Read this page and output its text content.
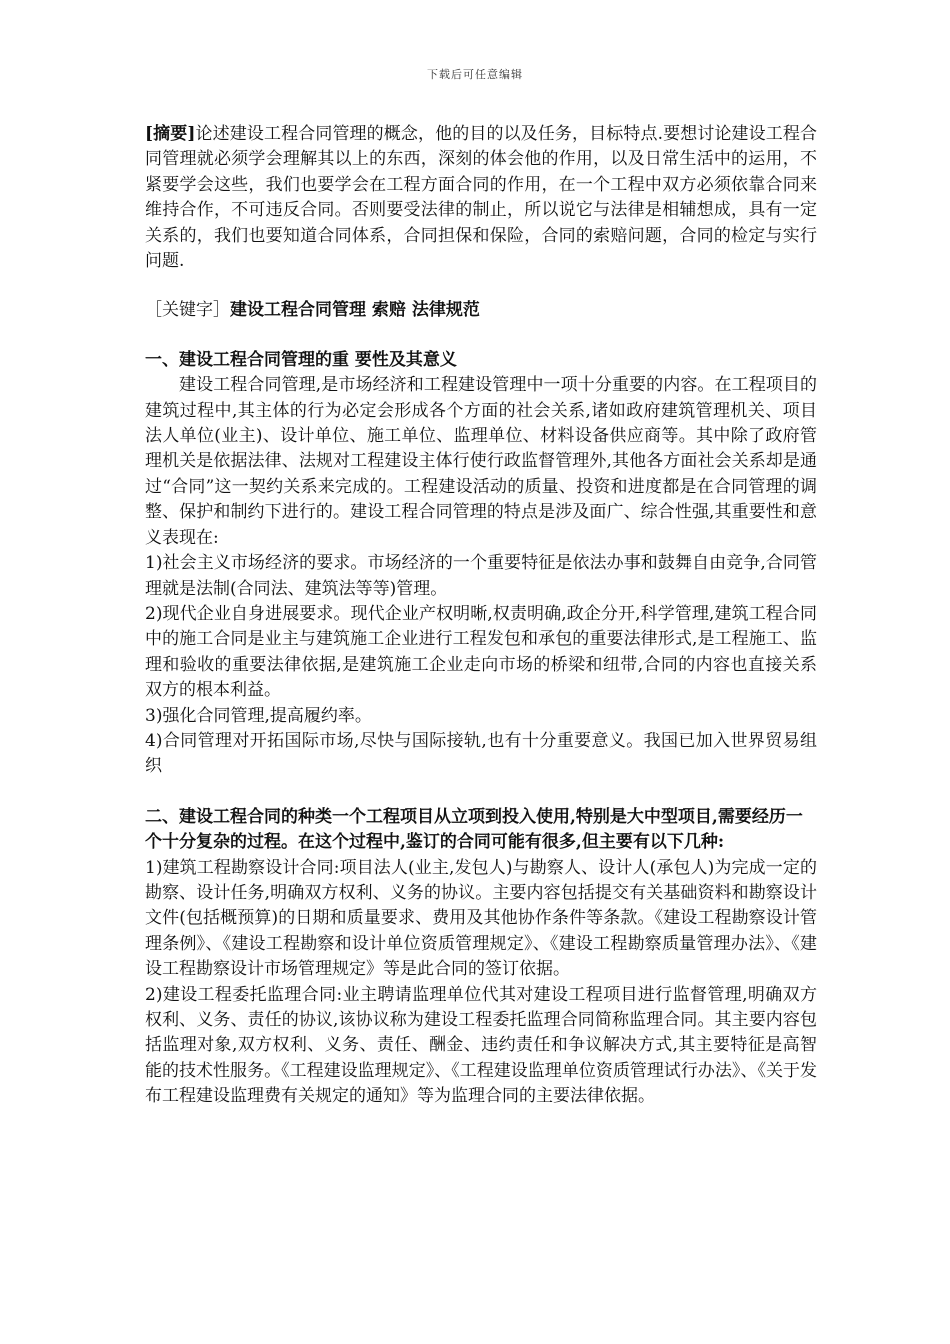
下载后可任意编辑

[摘要]论述建设工程合同管理的概念，他的目的以及任务，目标特点.要想讨论建设工程合同管理就必须学会理解其以上的东西，深刻的体会他的作用，以及日常生活中的运用，不紧要学会这些，我们也要学会在工程方面合同的作用，在一个工程中双方必须依靠合同来维持合作，不可违反合同。否则要受法律的制止，所以说它与法律是相辅想成，具有一定关系的，我们也要知道合同体系，合同担保和保险，合同的索赔问题，合同的检定与实行问题.

［关键字］建设工程合同管理 索赔 法律规范

一、建设工程合同管理的重 要性及其意义

建设工程合同管理,是市场经济和工程建设管理中一项十分重要的内容。在工程项目的建筑过程中,其主体的行为必定会形成各个方面的社会关系,诸如政府建筑管理机关、项目法人单位(业主)、设计单位、施工单位、监理单位、材料设备供应商等。其中除了政府管理机关是依据法律、法规对工程建设主体行使行政监督管理外,其他各方面社会关系却是通过“合同”这一契约关系来完成的。工程建设活动的质量、投资和进度都是在合同管理的调整、保护和制约下进行的。建设工程合同管理的特点是涉及面广、综合性强,其重要性和意义表现在:

1)社会主义市场经济的要求。市场经济的一个重要特征是依法办事和鼓舞自由竞争,合同管理就是法制(合同法、建筑法等等)管理。

2)现代企业自身进展要求。现代企业产权明晰,权责明确,政企分开,科学管理,建筑工程合同中的施工合同是业主与建筑施工企业进行工程发包和承包的重要法律形式,是工程施工、监理和验收的重要法律依据,是建筑施工企业走向市场的桥梁和纽带,合同的内容也直接关系双方的根本利益。

3)强化合同管理,提高履约率。

4)合同管理对开拓国际市场,尽快与国际接轨,也有十分重要意义。我国已加入世界贸易组织

二、建设工程合同的种类一个工程项目从立项到投入使用,特别是大中型项目,需要经历一个十分复杂的过程。在这个过程中,鉴订的合同可能有很多,但主要有以下几种:

1)建筑工程勘察设计合同:项目法人(业主,发包人)与勘察人、设计人(承包人)为完成一定的勘察、设计任务,明确双方权利、义务的协议。主要内容包括提交有关基础资料和勘察设计文件(包括概预算)的日期和质量要求、费用及其他协作条件等条款。《建设工程勘察设计管理条例》、《建设工程勘察和设计单位资质管理规定》、《建设工程勘察质量管理办法》、《建设工程勘察设计市场管理规定》等是此合同的签订依据。

2)建设工程委托监理合同:业主聘请监理单位代其对建设工程项目进行监督管理,明确双方权利、义务、责任的协议,该协议称为建设工程委托监理合同简称监理合同。其主要内容包括监理对象,双方权利、义务、责任、酬金、违约责任和争议解决方式,其主要特征是高智能的技术性服务。《工程建设监理规定》、《工程建设监理单位资质管理试行办法》、《关于发布工程建设监理费有关规定的通知》等为监理合同的主要法律依据。
